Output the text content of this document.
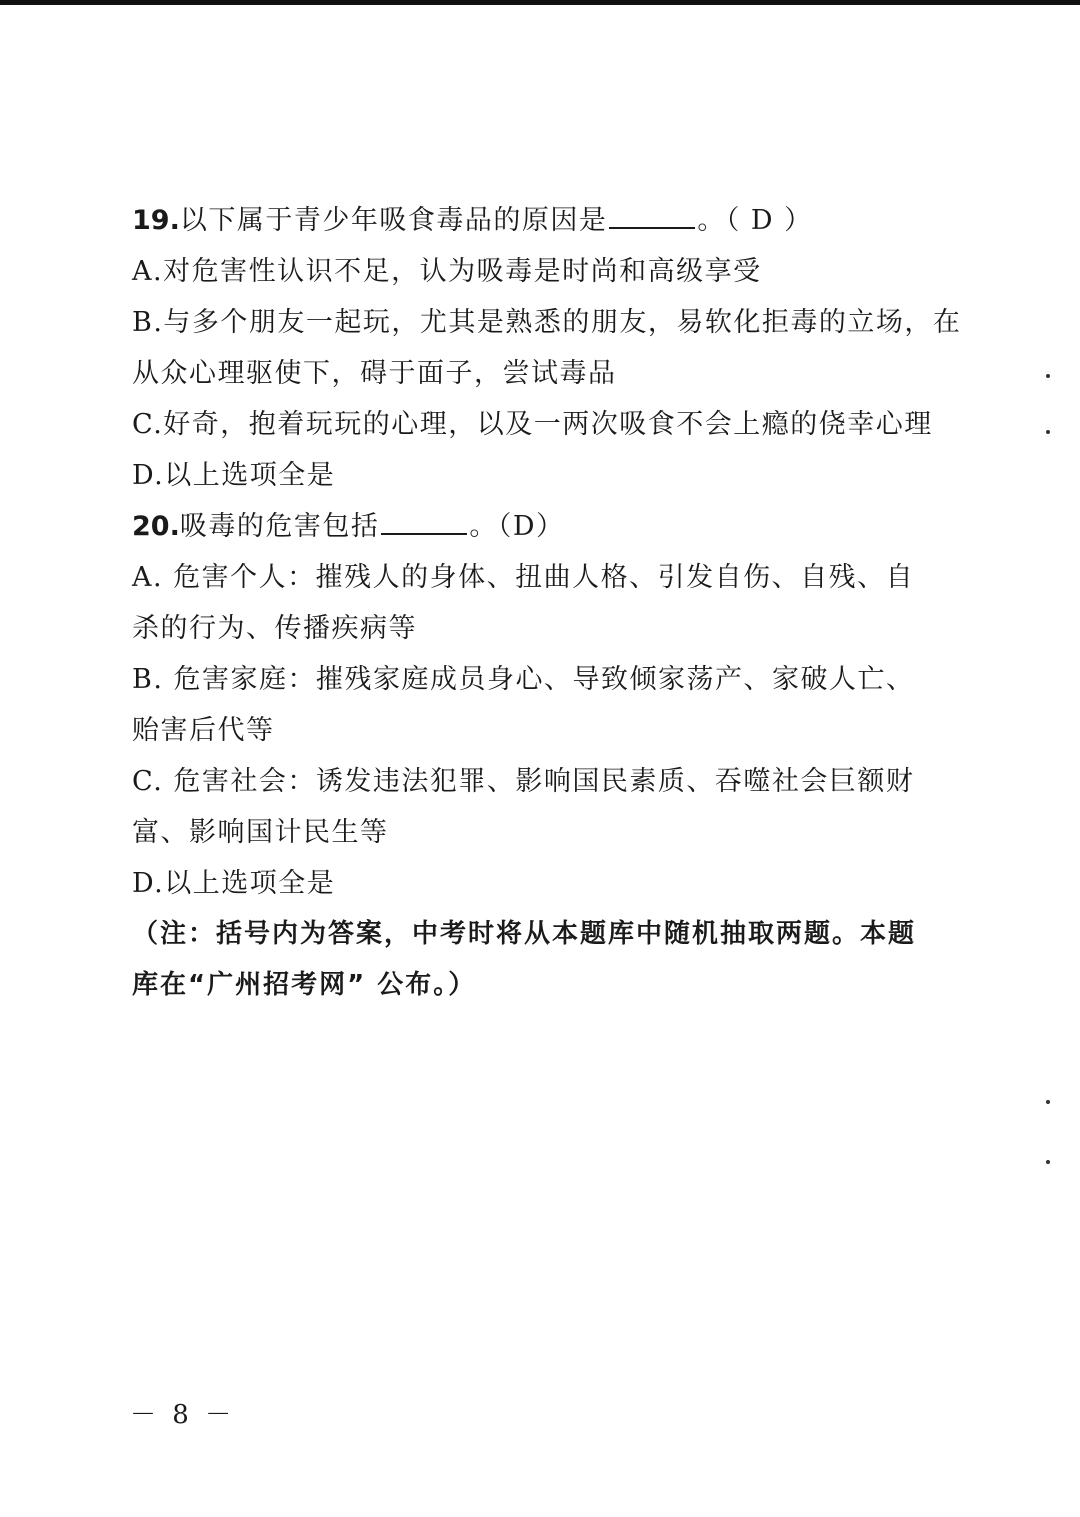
19.以下属于青少年吸食毒品的原因是	。（ D ）
A.对危害性认识不足，认为吸毒是时尚和高级享受
B.与多个朋友一起玩，尤其是熟悉的朋友，易软化拒毒的立场，在
从众心理驱使下，碍于面子，尝试毒品
C.好奇，抱着玩玩的心理，以及一两次吸食不会上瘾的侥幸心理
D.以上选项全是
20.吸毒的危害包括	。（D）
A. 危害个人：摧残人的身体、扭曲人格、引发自伤、自残、自
杀的行为、传播疾病等
B. 危害家庭：摧残家庭成员身心、导致倾家荡产、家破人亡、
贻害后代等
C. 危害社会：诱发违法犯罪、影响国民素质、吞噬社会巨额财
富、影响国计民生等
D.以上选项全是
（注：括号内为答案，中考时将从本题库中随机抽取两题。本题
库在“广州招考网” 公布。）
－ 8 －
